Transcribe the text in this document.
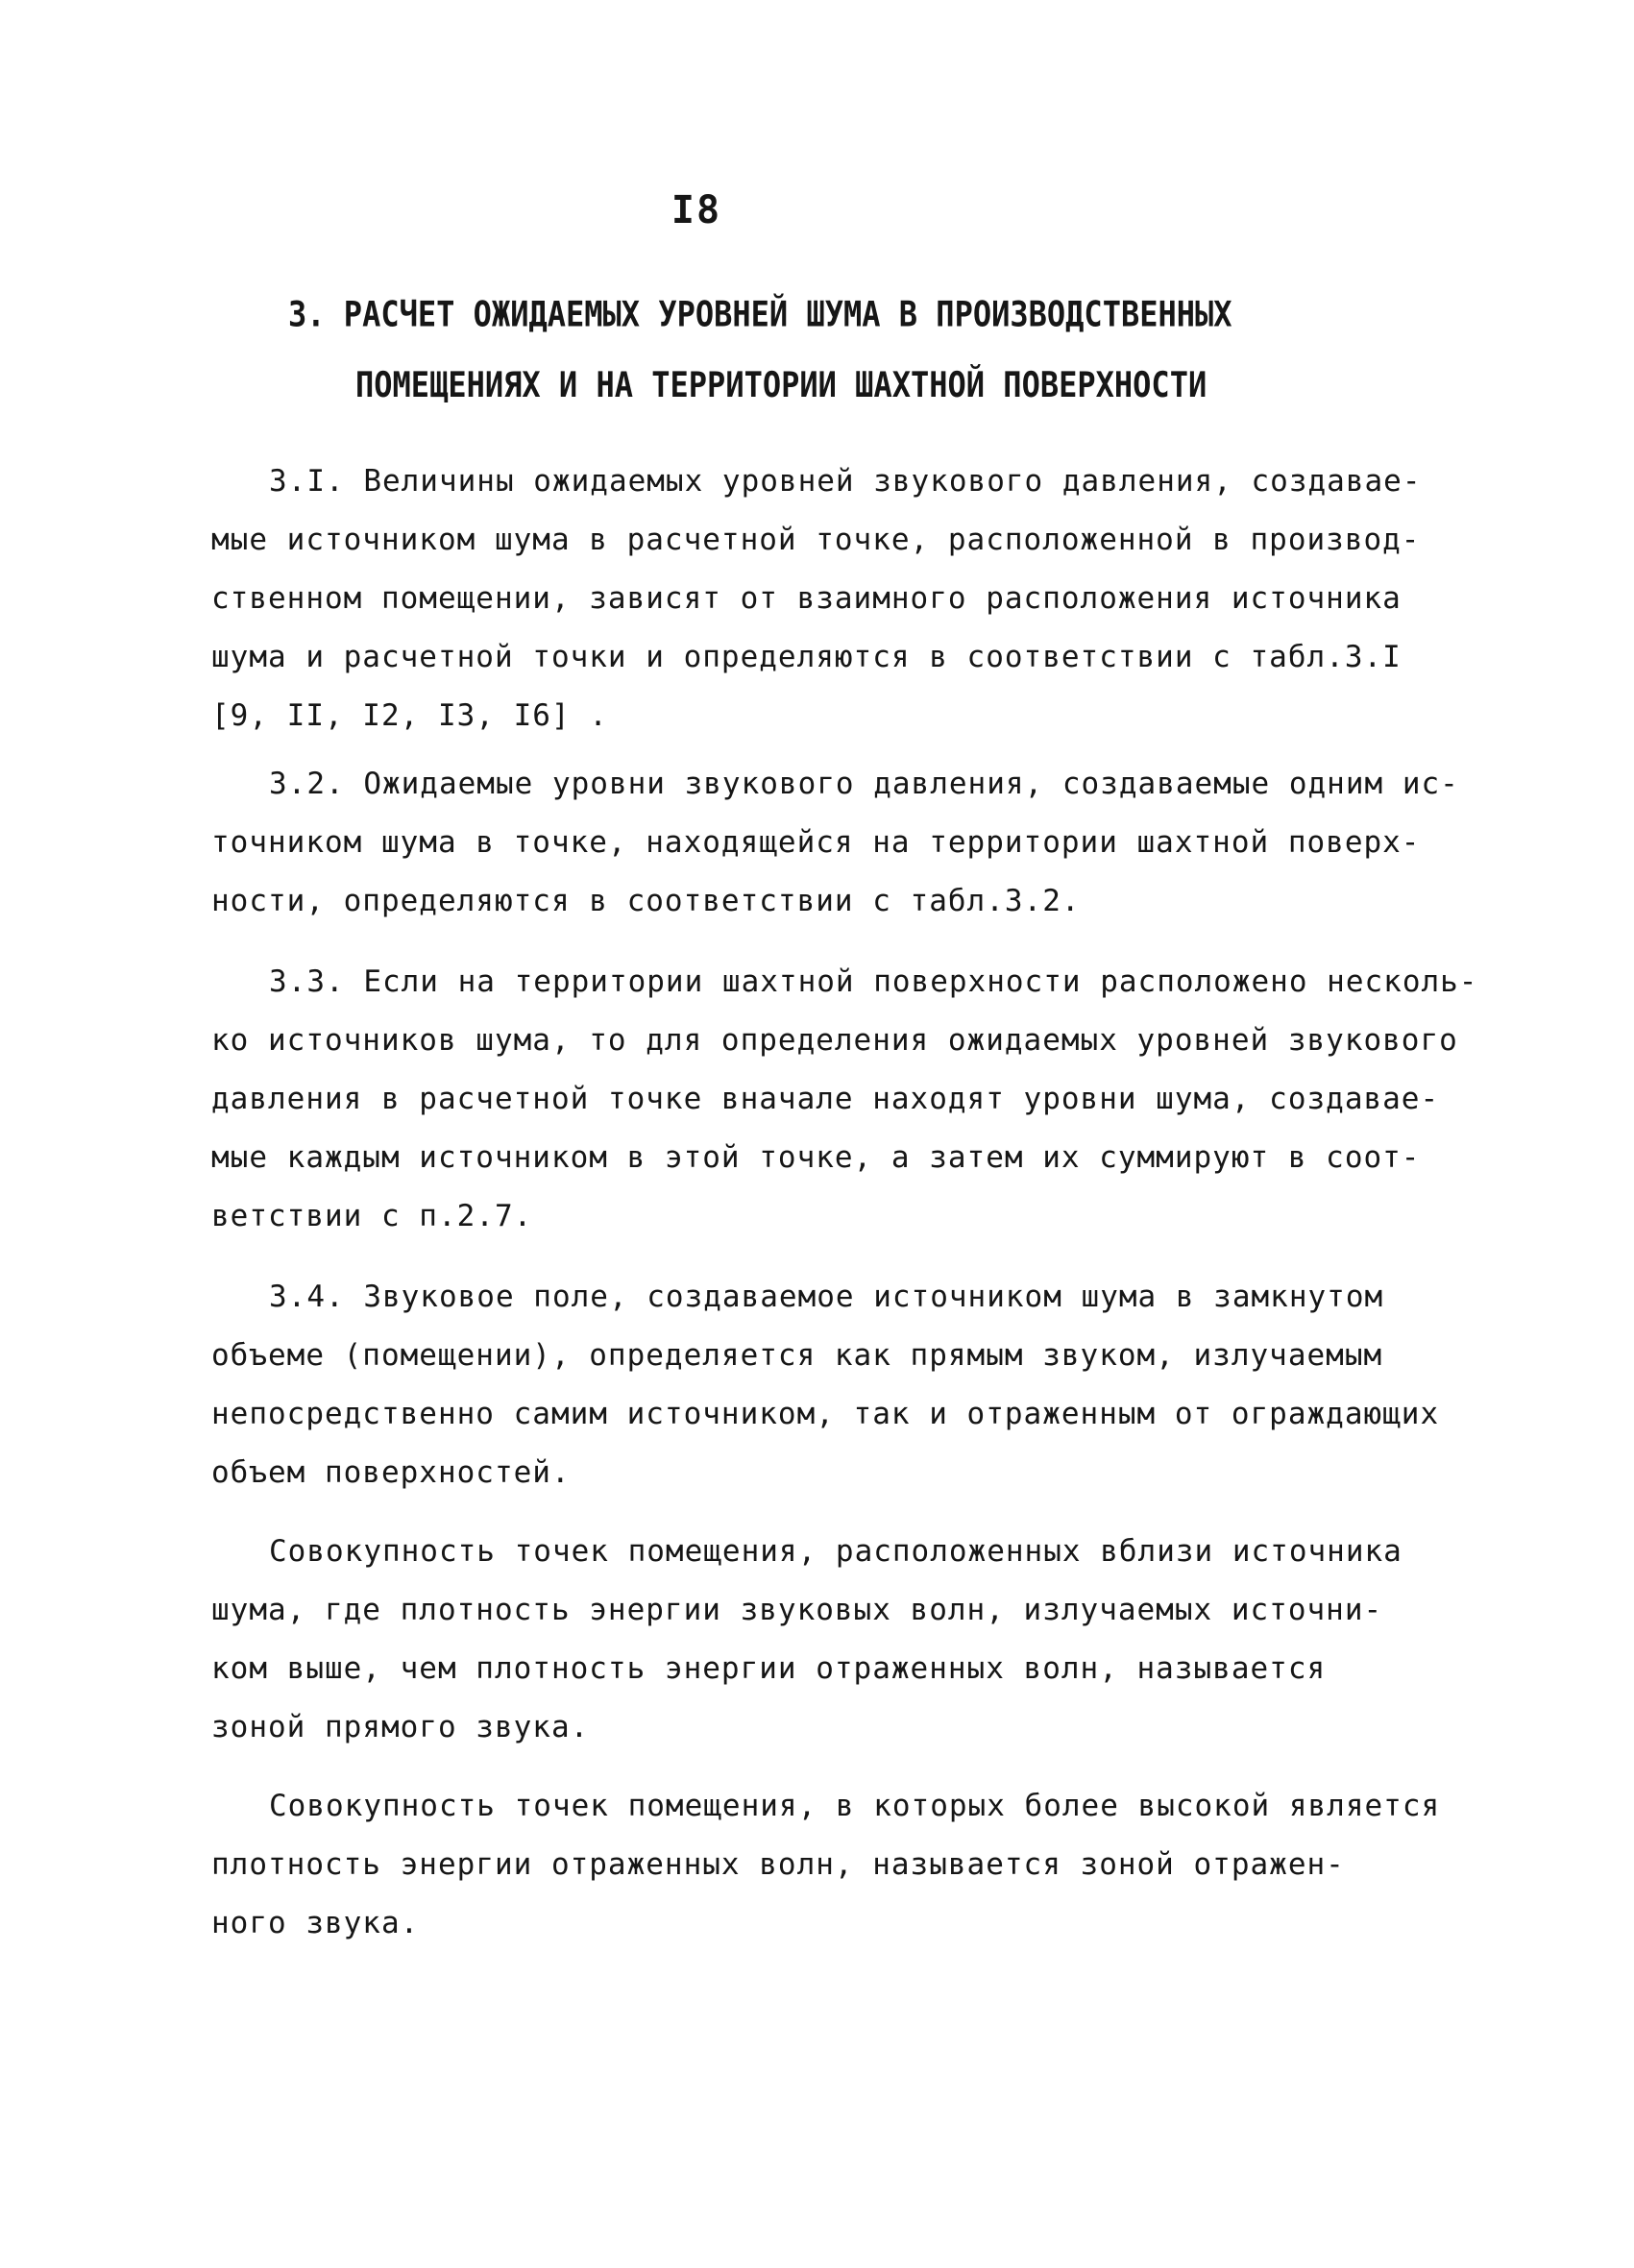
I8
3. РАСЧЕТ ОЖИДАЕМЫХ УРОВНЕЙ ШУМА В ПРОИЗВОДСТВЕННЫХ
ПОМЕЩЕНИЯХ И НА ТЕРРИТОРИИ ШАХТНОЙ ПОВЕРХНОСТИ
3.I. Величины ожидаемых уровней звукового давления, создавае-
мые источником шума в расчетной точке, расположенной в производ-
ственном помещении, зависят от взаимного расположения источника
шума и расчетной точки и определяются в соответствии с табл.3.I
[9, II, I2, I3, I6] .
3.2. Ожидаемые уровни звукового давления, создаваемые одним ис-
точником шума в точке, находящейся на территории шахтной поверх-
ности, определяются в соответствии с табл.3.2.
3.3. Если на территории шахтной поверхности расположено несколь-
ко источников шума, то для определения ожидаемых уровней звукового
давления в расчетной точке вначале находят уровни шума, создавае-
мые каждым источником в этой точке, а затем их суммируют в соот-
ветствии с п.2.7.
3.4. Звуковое поле, создаваемое источником шума в замкнутом
объеме (помещении), определяется как прямым звуком, излучаемым
непосредственно самим источником, так и отраженным от ограждающих
объем поверхностей.
Совокупность точек помещения, расположенных вблизи источника
шума, где плотность энергии звуковых волн, излучаемых источни-
ком выше, чем плотность энергии отраженных волн, называется
зоной прямого звука.
Совокупность точек помещения, в которых более высокой является
плотность энергии отраженных волн, называется зоной отражен-
ного звука.
